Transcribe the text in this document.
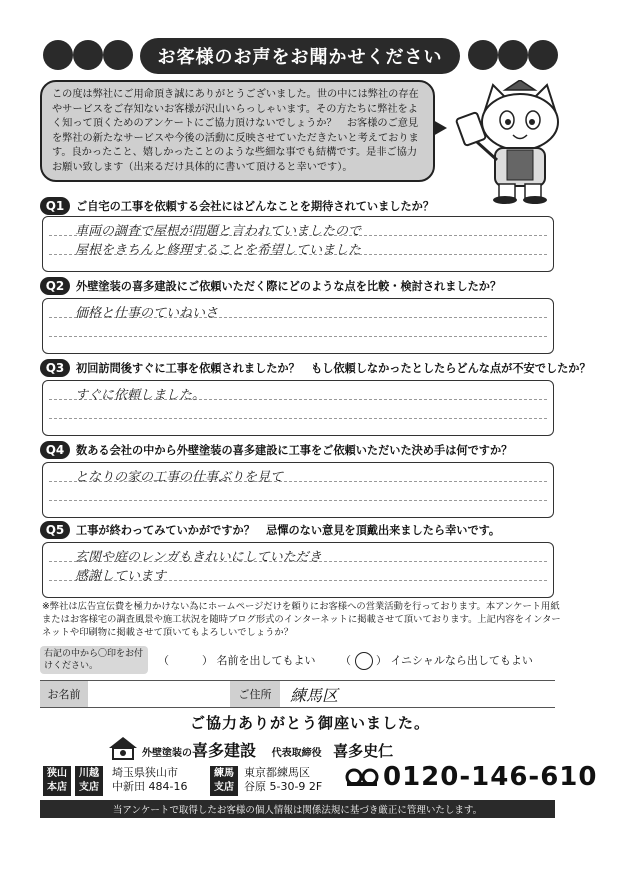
お客様のお声をお聞かせください
この度は弊社にご用命頂き誠にありがとうございました。世の中には弊社の存在やサービスをご存知ないお客様が沢山いらっしゃいます。その方たちに弊社をよく知って頂くためのアンケートにご協力頂けないでしょうか？　お客様のご意見を弊社の新たなサービスや今後の活動に反映させていただきたいと考えております。良かったこと、嬉しかったことのような些細な事でも結構です。是非ご協力お願い致します（出来るだけ具体的に書いて頂けると幸いです）。
Q1	ご自宅の工事を依頼する会社にはどんなことを期待されていましたか？
車両の調査で屋根が問題と言われていましたので
屋根をきちんと修理することを希望していました
Q2	外壁塗装の喜多建設にご依頼いただく際にどのような点を比較・検討されましたか？
価格と仕事のていねいさ
Q3	初回訪問後すぐに工事を依頼されましたか？　もし依頼しなかったとしたらどんな点が不安でしたか？
すぐに依頼しました。
Q4	数ある会社の中から外壁塗装の喜多建設に工事をご依頼いただいた決め手は何ですか？
となりの家の工事の仕事ぶりを見て
Q5	工事が終わってみていかがですか？　忌憚のない意見を頂戴出来ましたら幸いです。
玄関や庭のレンガもきれいにしていただき
感謝しています
※弊社は広告宣伝費を極力かけない為にホームページだけを頼りにお客様への営業活動を行っております。本アンケート用紙またはお客様宅の調査風景や施工状況を随時ブログ形式のインターネットに掲載させて頂いております。上記内容をインターネットや印刷物に掲載させて頂いてもよろしいでしょうか？
右記の中から〇印をお付けください。	（　　　） 名前を出してもよい （ ○ ） イニシャルなら出してもよい
お名前	ご住所	練馬区
ご協力ありがとう御座いました。
外壁塗装の喜多建設 代表取締役 喜多史仁
狭山
本店
川越
支店
埼玉県狭山市
中新田 484-16
練馬
支店
東京都練馬区
谷原 5-30-9 2F 0120-146-610
当アンケートで取得したお客様の個人情報は関係法規に基づき厳正に管理いたします。
